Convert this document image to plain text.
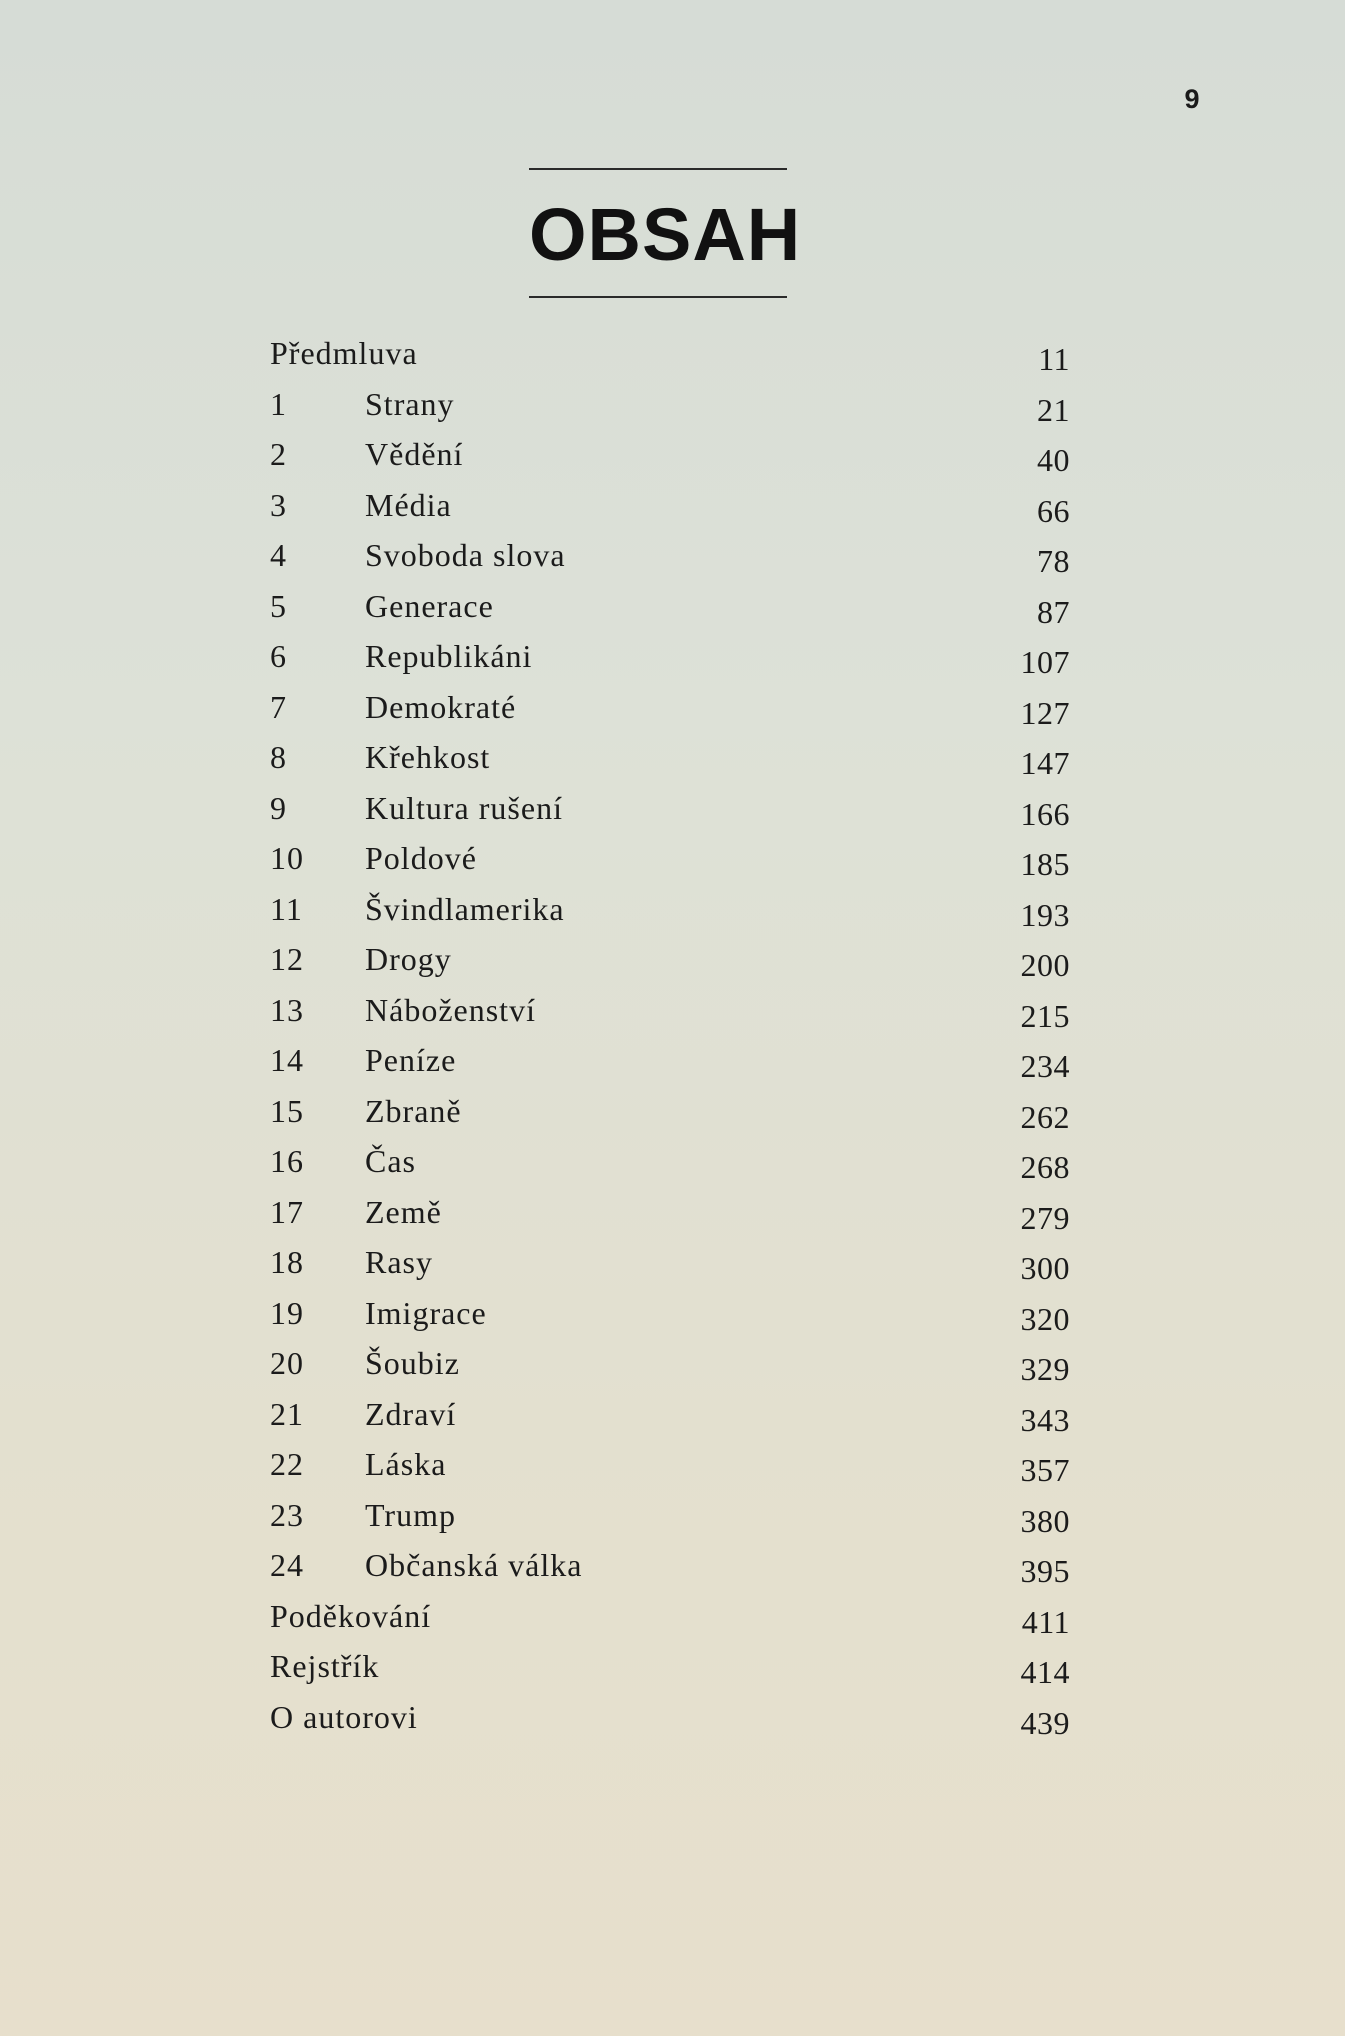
9
OBSAH
Předmluva	11
1	Strany	21
2	Vědění	40
3	Média	66
4	Svoboda slova	78
5	Generace	87
6	Republikáni	107
7	Demokraté	127
8	Křehkost	147
9	Kultura rušení	166
10	Poldové	185
11	Švindlamerika	193
12	Drogy	200
13	Náboženství	215
14	Peníze	234
15	Zbraně	262
16	Čas	268
17	Země	279
18	Rasy	300
19	Imigrace	320
20	Šoubiz	329
21	Zdraví	343
22	Láska	357
23	Trump	380
24	Občanská válka	395
Poděkování	411
Rejstřík	414
O autorovi	439
